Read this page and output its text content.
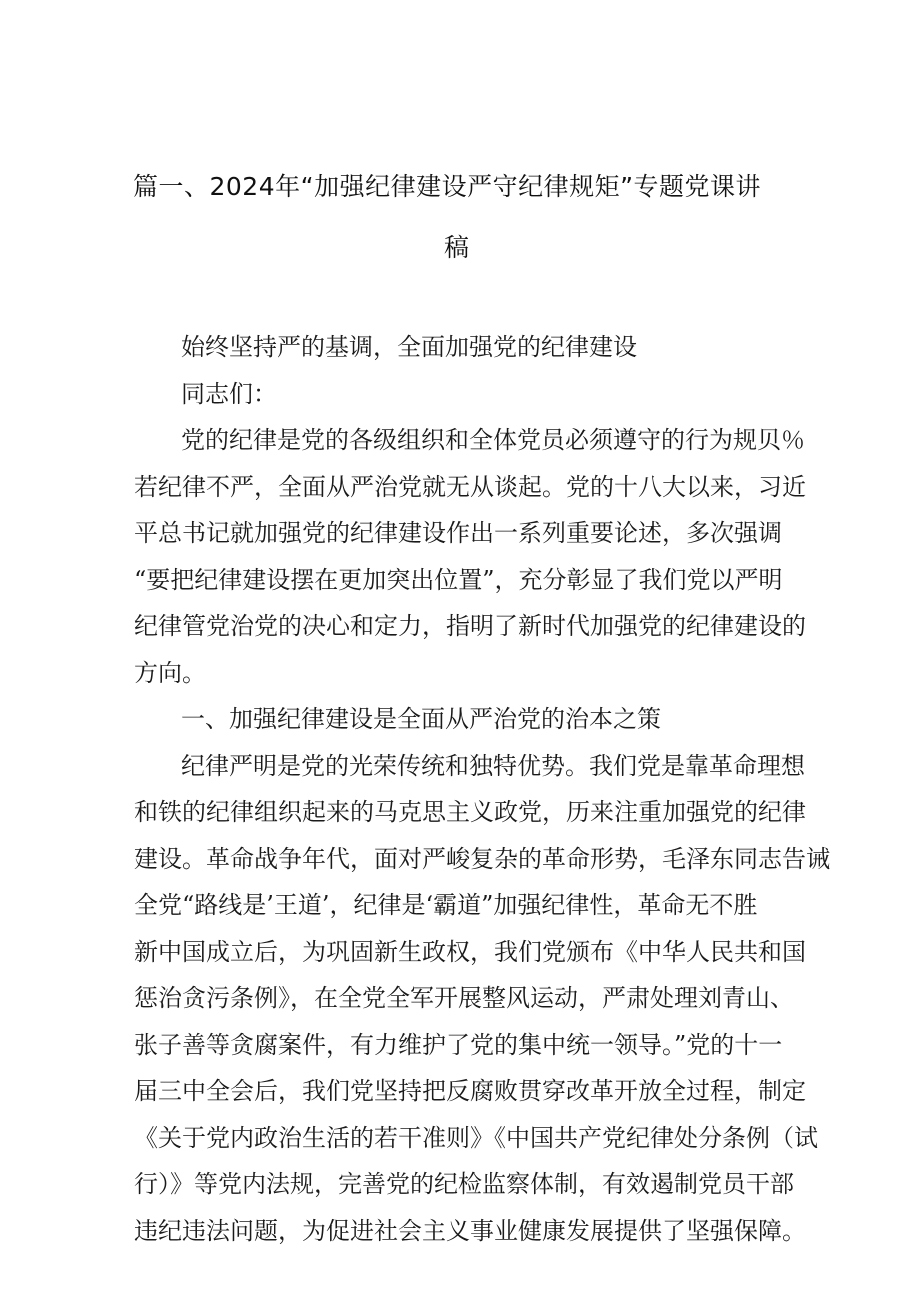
篇一、2024年“加强纪律建设严守纪律规矩”专题党课讲
稿
始终坚持严的基调，全面加强党的纪律建设
同志们：
党的纪律是党的各级组织和全体党员必须遵守的行为规贝％
若纪律不严，全面从严治党就无从谈起。党的十八大以来，习近
平总书记就加强党的纪律建设作出一系列重要论述，多次强调
“要把纪律建设摆在更加突出位置”，充分彰显了我们党以严明
纪律管党治党的决心和定力，指明了新时代加强党的纪律建设的
方向。
一、加强纪律建设是全面从严治党的治本之策
纪律严明是党的光荣传统和独特优势。我们党是靠革命理想
和铁的纪律组织起来的马克思主义政党，历来注重加强党的纪律
建设。革命战争年代，面对严峻复杂的革命形势，毛泽东同志告诫
全党“路线是’王道’，纪律是‘霸道”加强纪律性，革命无不胜
新中国成立后，为巩固新生政权，我们党颁布《中华人民共和国
惩治贪污条例》，在全党全军开展整风运动，严肃处理刘青山、
张子善等贪腐案件，有力维护了党的集中统一领导。”党的十一
届三中全会后，我们党坚持把反腐败贯穿改革开放全过程，制定
《关于党内政治生活的若干准则》《中国共产党纪律处分条例（试
行）》等党内法规，完善党的纪检监察体制，有效遏制党员干部
违纪违法问题，为促进社会主义事业健康发展提供了坚强保障。
